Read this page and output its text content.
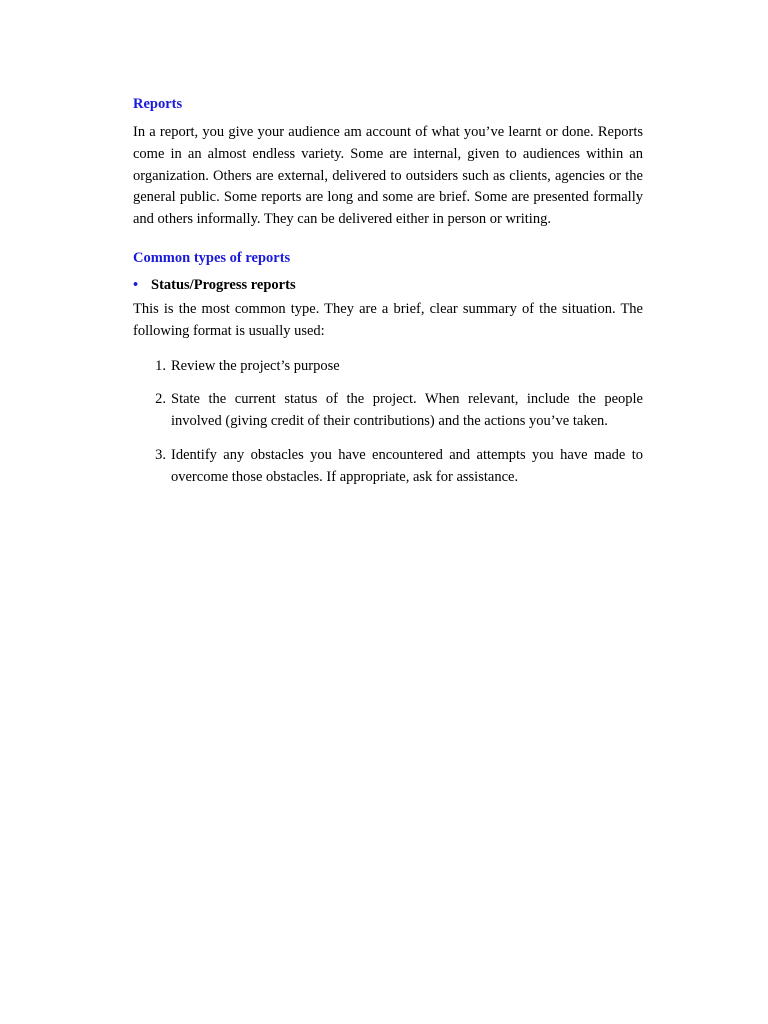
Reports

In a report, you give your audience am account of what you’ve learnt or done. Reports come in an almost endless variety. Some are internal, given to audiences within an organization. Others are external, delivered to outsiders such as clients, agencies or the general public. Some reports are long and some are brief. Some are presented formally and others informally. They can be delivered either in person or writing.

Common types of reports
• Status/Progress reports

This is the most common type. They are a brief, clear summary of the situation. The following format is usually used:

1. Review the project’s purpose
2. State the current status of the project. When relevant, include the people involved (giving credit of their contributions) and the actions you’ve taken.
3. Identify any obstacles you have encountered and attempts you have made to overcome those obstacles. If appropriate, ask for assistance.
